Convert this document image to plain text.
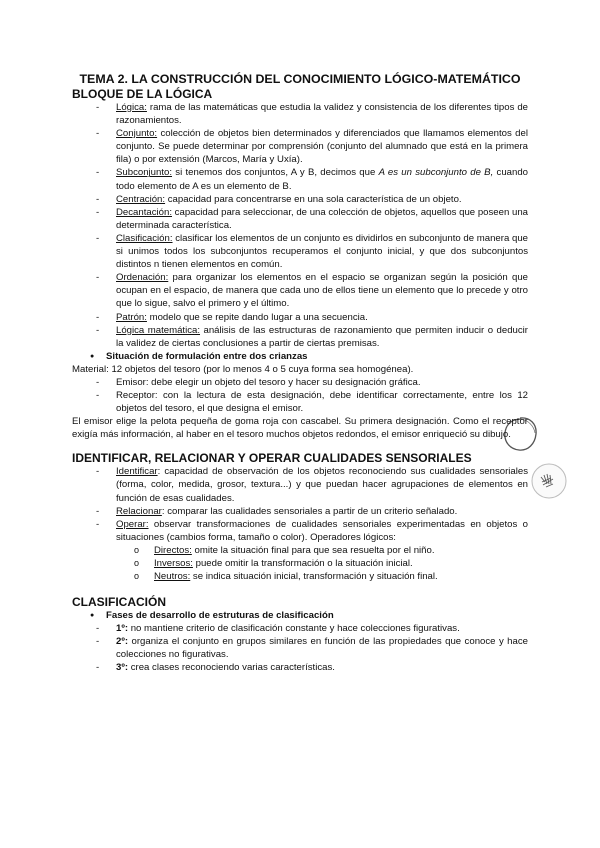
TEMA 2. LA CONSTRUCCIÓN DEL CONOCIMIENTO LÓGICO-MATEMÁTICO
BLOQUE DE LA LÓGICA
- Lógica: rama de las matemáticas que estudia la validez y consistencia de los diferentes tipos de razonamientos.
- Conjunto: colección de objetos bien determinados y diferenciados que llamamos elementos del conjunto. Se puede determinar por comprensión (conjunto del alumnado que está en la primera fila) o por extensión (Marcos, María y Uxía).
- Subconjunto: si tenemos dos conjuntos, A y B, decimos que A es un subconjunto de B, cuando todo elemento de A es un elemento de B.
- Centración: capacidad para concentrarse en una sola característica de un objeto.
- Decantación: capacidad para seleccionar, de una colección de objetos, aquellos que poseen una determinada característica.
- Clasificación: clasificar los elementos de un conjunto es dividirlos en subconjunto de manera que si unimos todos los subconjuntos recuperamos el conjunto inicial, y que dos subconjuntos distintos n tienen elementos en común.
- Ordenación: para organizar los elementos en el espacio se organizan según la posición que ocupan en el espacio, de manera que cada uno de ellos tiene un elemento que lo precede y otro que lo sigue, salvo el primero y el último.
- Patrón: modelo que se repite dando lugar a una secuencia.
- Lógica matemática: análisis de las estructuras de razonamiento que permiten inducir o deducir la validez de ciertas conclusiones a partir de ciertas premisas.
● Situación de formulación entre dos crianzas

Material: 12 objetos del tesoro (por lo menos 4 o 5 cuya forma sea homogénea).

- Emisor: debe elegir un objeto del tesoro y hacer su designación gráfica.
- Receptor: con la lectura de esta designación, debe identificar correctamente, entre los 12 objetos del tesoro, el que designa el emisor.

El emisor elige la pelota pequeña de goma roja con cascabel. Su primera designación. Como el receptor exigía más información, al haber en el tesoro muchos objetos redondos, el emisor enriqueció su dibujo.

IDENTIFICAR, RELACIONAR Y OPERAR CUALIDADES SENSORIALES
- Identificar: capacidad de observación de los objetos reconociendo sus cualidades sensoriales (forma, color, medida, grosor, textura...) y que puedan hacer agrupaciones de elementos en función de esas cualidades.
- Relacionar: comparar las cualidades sensoriales a partir de un criterio señalado.
- Operar: observar transformaciones de cualidades sensoriales experimentadas en objetos o situaciones (cambios forma, tamaño o color). Operadores lógicos:
o Directos: omite la situación final para que sea resuelta por el niño.
o Inversos: puede omitir la transformación o la situación inicial.
o Neutros: se indica situación inicial, transformación y situación final.
CLASIFICACIÓN
● Fases de desarrollo de estruturas de clasificación
- 1º: no mantiene criterio de clasificación constante y hace colecciones figurativas.
- 2º: organiza el conjunto en grupos similares en función de las propiedades que conoce y hace colecciones no figurativas.
- 3º: crea clases reconociendo varias características.
